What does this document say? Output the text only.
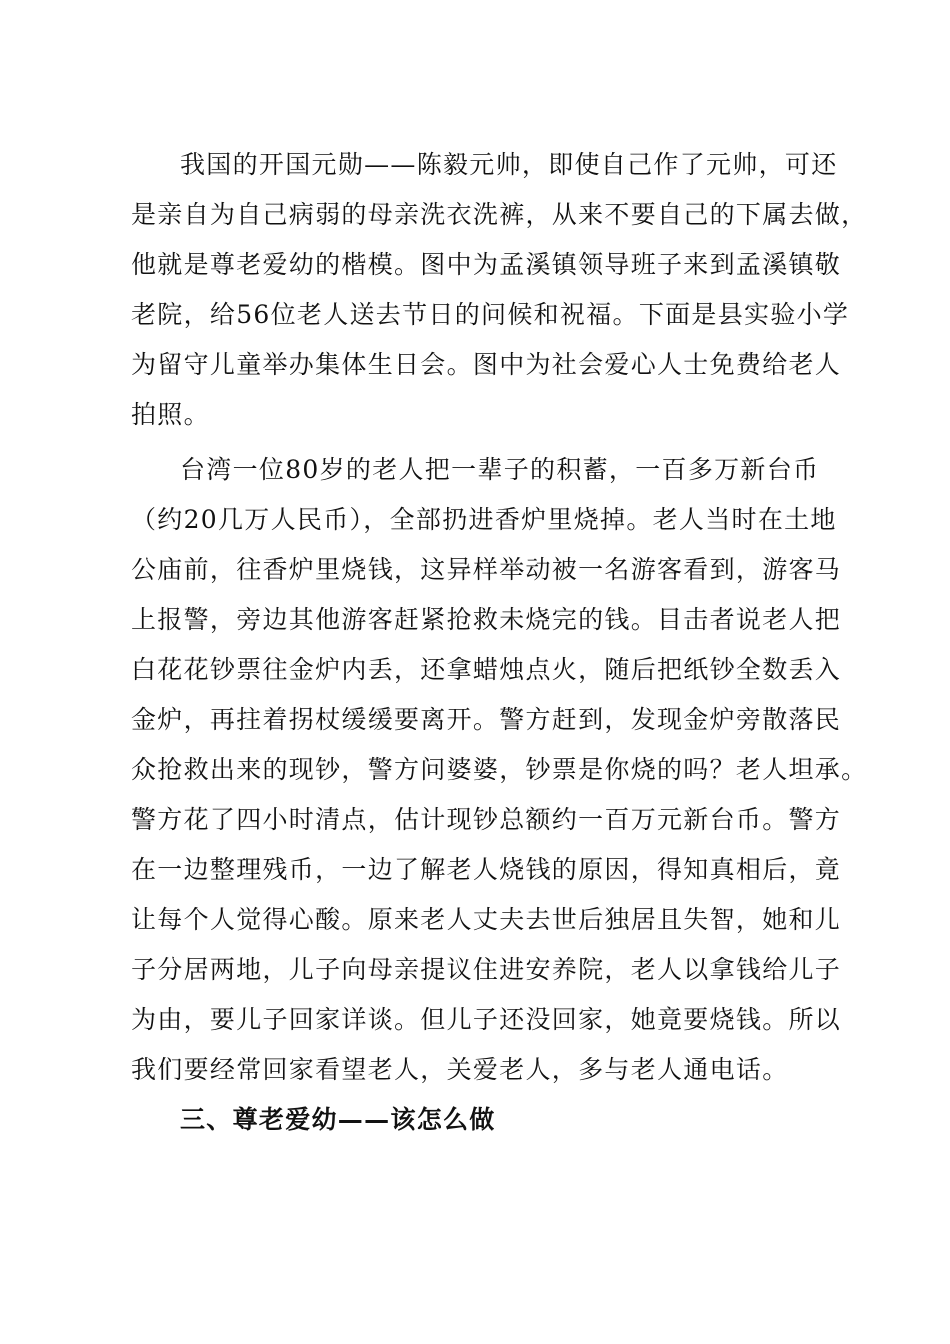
我国的开国元勋——陈毅元帅，即使自己作了元帅，可还
是亲自为自己病弱的母亲洗衣洗裤，从来不要自己的下属去做，
他就是尊老爱幼的楷模。图中为孟溪镇领导班子来到孟溪镇敬
老院，给56位老人送去节日的问候和祝福。下面是县实验小学
为留守儿童举办集体生日会。图中为社会爱心人士免费给老人
拍照。
台湾一位80岁的老人把一辈子的积蓄，一百多万新台币
（约20几万人民币），全部扔进香炉里烧掉。老人当时在土地
公庙前，往香炉里烧钱，这异样举动被一名游客看到，游客马
上报警，旁边其他游客赶紧抢救未烧完的钱。目击者说老人把
白花花钞票往金炉内丢，还拿蜡烛点火，随后把纸钞全数丢入
金炉，再拄着拐杖缓缓要离开。警方赶到，发现金炉旁散落民
众抢救出来的现钞，警方问婆婆，钞票是你烧的吗？老人坦承。
警方花了四小时清点，估计现钞总额约一百万元新台币。警方
在一边整理残币，一边了解老人烧钱的原因，得知真相后，竟
让每个人觉得心酸。原来老人丈夫去世后独居且失智，她和儿
子分居两地，儿子向母亲提议住进安养院，老人以拿钱给儿子
为由，要儿子回家详谈。但儿子还没回家，她竟要烧钱。所以
我们要经常回家看望老人，关爱老人，多与老人通电话。
三、尊老爱幼——该怎么做
